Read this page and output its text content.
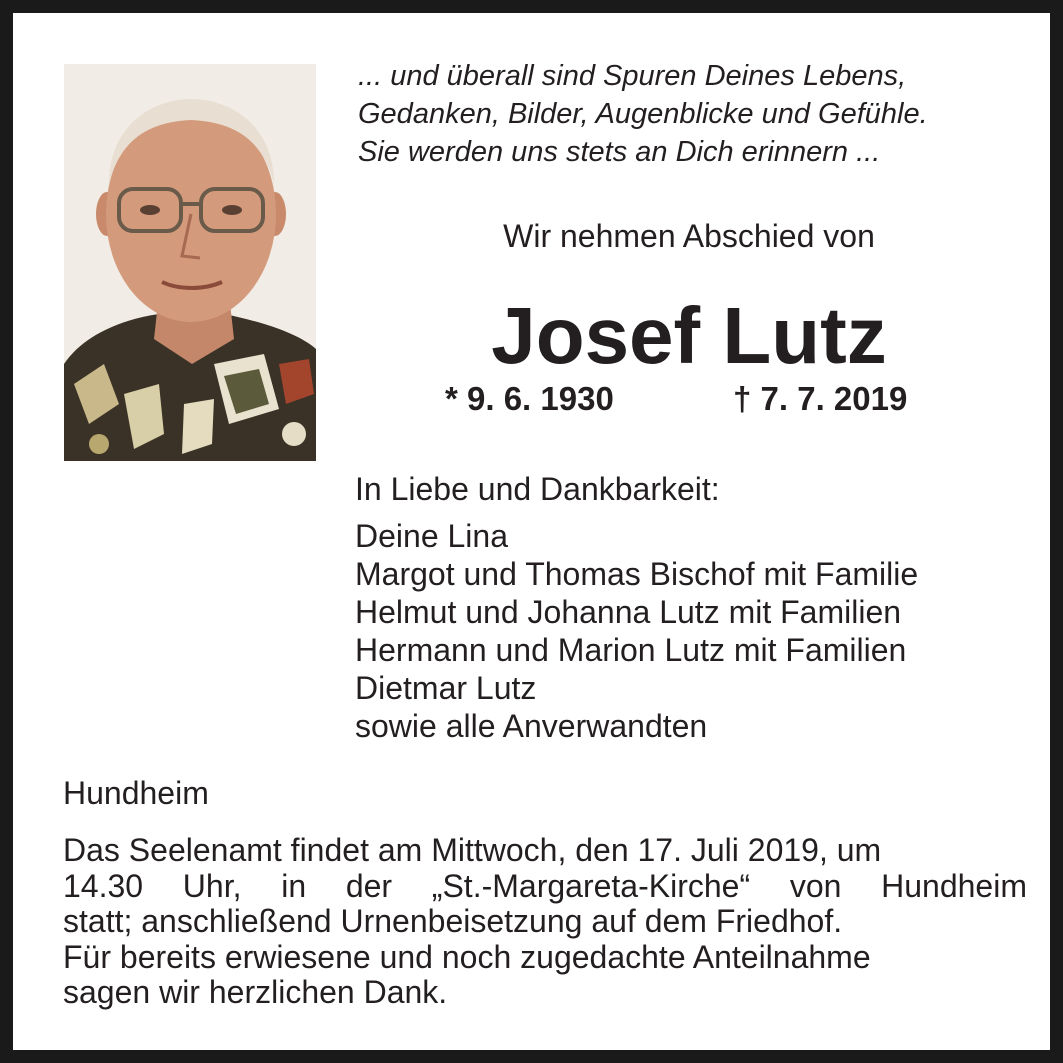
... und überall sind Spuren Deines Lebens,
Gedanken, Bilder, Augenblicke und Gefühle.
Sie werden uns stets an Dich erinnern ...
Wir nehmen Abschied von
Josef Lutz
* 9. 6. 1930	† 7. 7. 2019
In Liebe und Dankbarkeit:
Deine Lina
Margot und Thomas Bischof mit Familie
Helmut und Johanna Lutz mit Familien
Hermann und Marion Lutz mit Familien
Dietmar Lutz
sowie alle Anverwandten
Hundheim
Das Seelenamt findet am Mittwoch, den 17. Juli 2019, um
14.30 Uhr, in der „St.-Margareta-Kirche“ von Hundheim
statt; anschließend Urnenbeisetzung auf dem Friedhof.
Für bereits erwiesene und noch zugedachte Anteilnahme
sagen wir herzlichen Dank.
